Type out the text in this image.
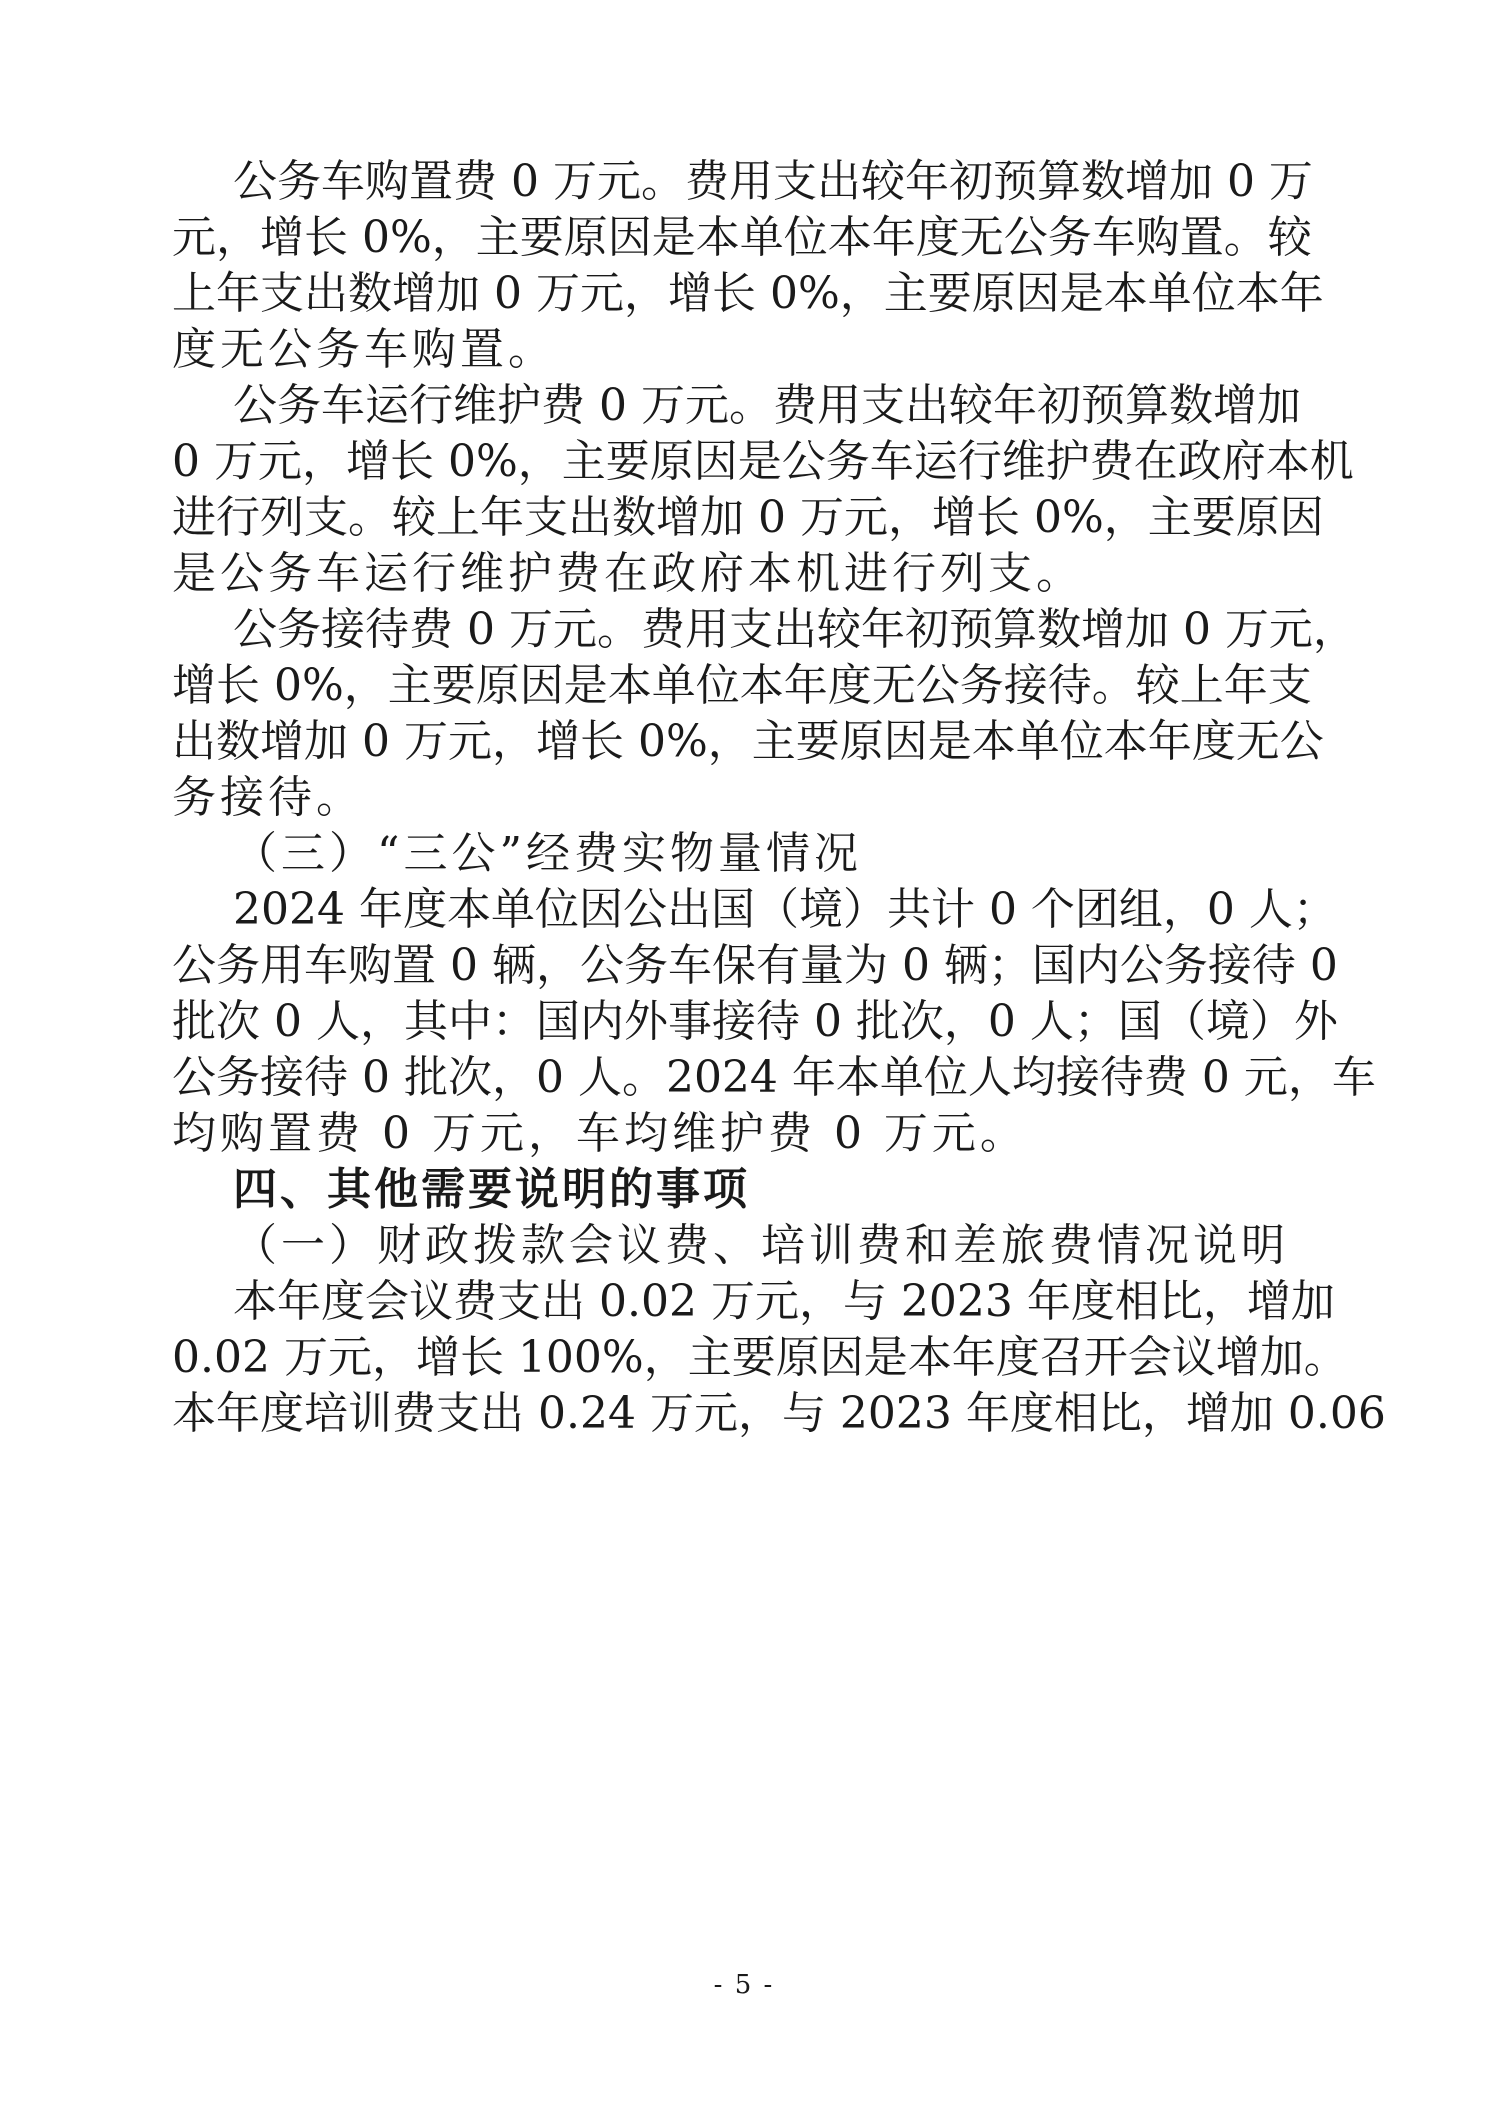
公务车购置费 0 万元。费用支出较年初预算数增加 0 万
元，增长 0%，主要原因是本单位本年度无公务车购置。较
上年支出数增加 0 万元，增长 0%，主要原因是本单位本年
度无公务车购置。
公务车运行维护费 0 万元。费用支出较年初预算数增加
0 万元，增长 0%，主要原因是公务车运行维护费在政府本机
进行列支。较上年支出数增加 0 万元，增长 0%，主要原因
是公务车运行维护费在政府本机进行列支。
公务接待费 0 万元。费用支出较年初预算数增加 0 万元，
增长 0%，主要原因是本单位本年度无公务接待。较上年支
出数增加 0 万元，增长 0%，主要原因是本单位本年度无公
务接待。
（三）“三公”经费实物量情况
2024 年度本单位因公出国（境）共计 0 个团组，0 人；
公务用车购置 0 辆，公务车保有量为 0 辆；国内公务接待 0
批次 0 人，其中：国内外事接待 0 批次，0 人；国（境）外
公务接待 0 批次，0 人。2024 年本单位人均接待费 0 元，车
均购置费 0 万元，车均维护费 0 万元。
四、其他需要说明的事项
（一）财政拨款会议费、培训费和差旅费情况说明
本年度会议费支出 0.02 万元，与 2023 年度相比，增加
0.02 万元，增长 100%，主要原因是本年度召开会议增加。
本年度培训费支出 0.24 万元，与 2023 年度相比，增加 0.06
- 5 -
